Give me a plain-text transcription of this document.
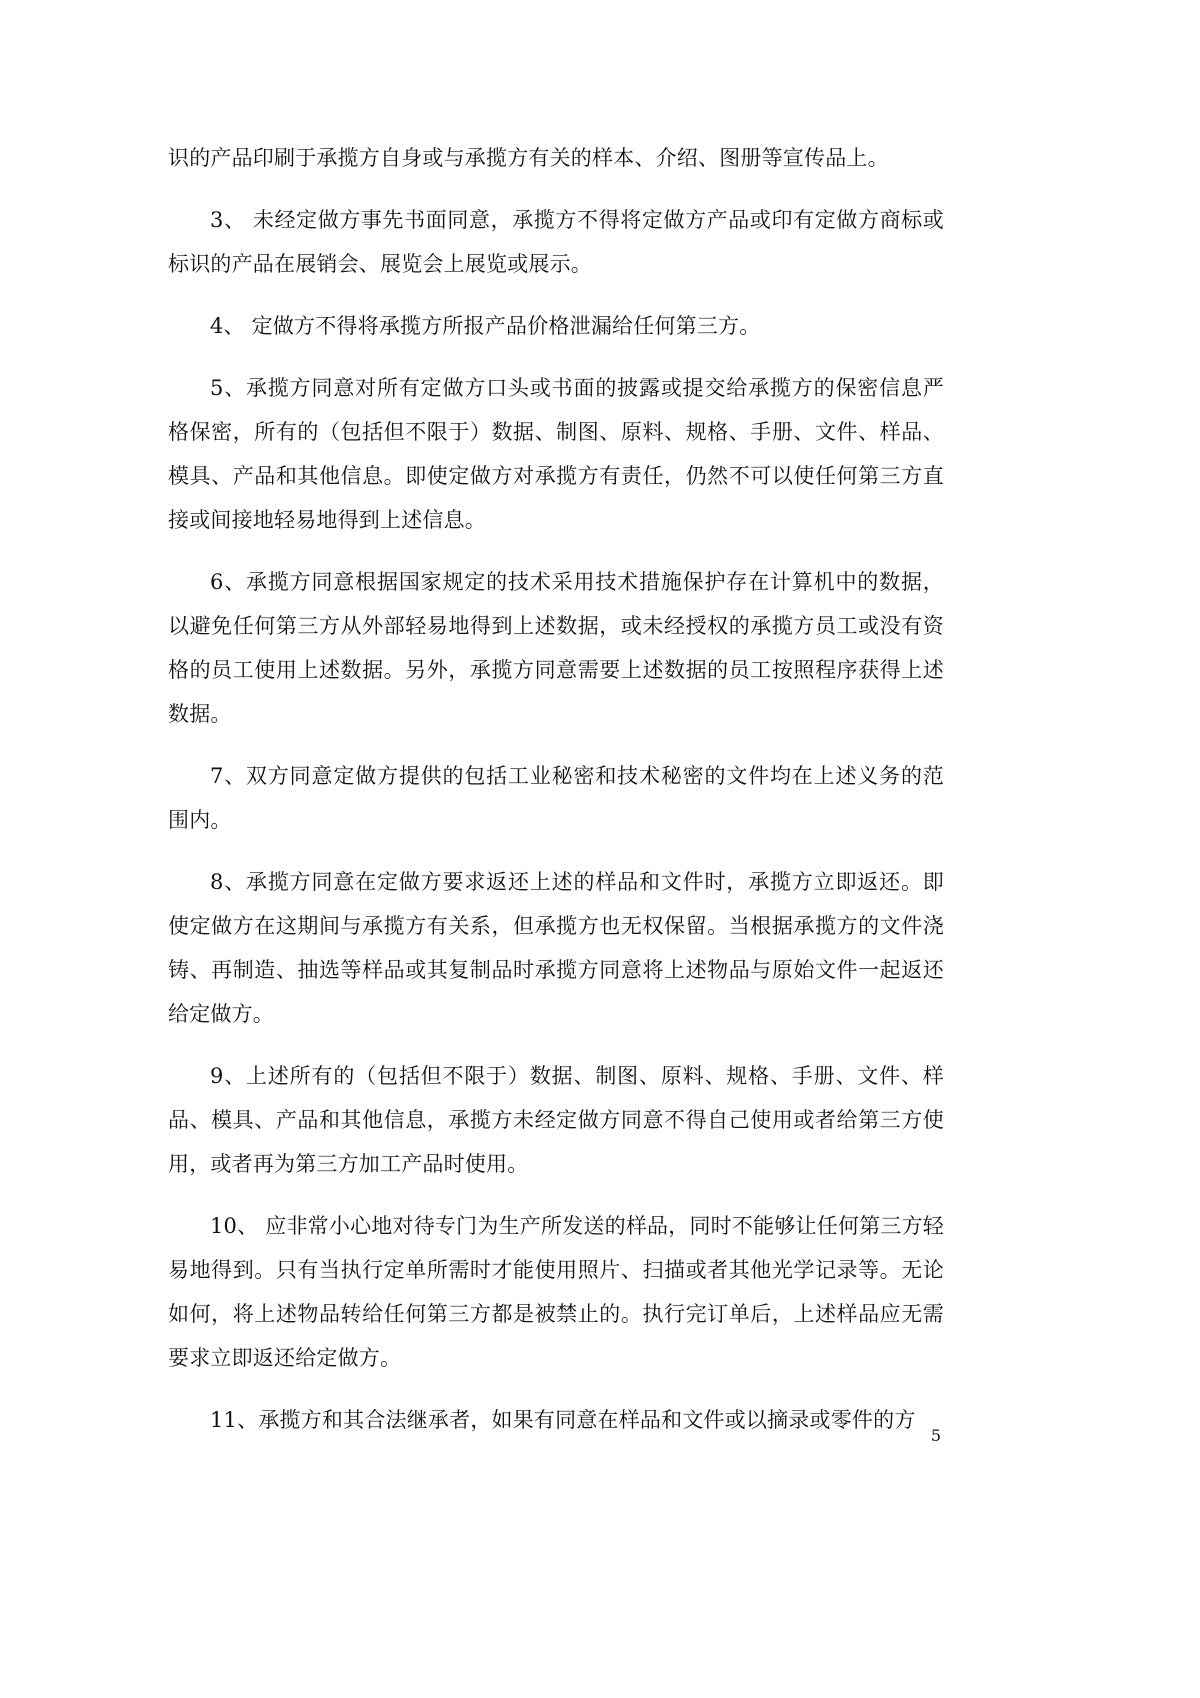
识的产品印刷于承揽方自身或与承揽方有关的样本、介绍、图册等宣传品上。

3、 未经定做方事先书面同意，承揽方不得将定做方产品或印有定做方商标或标识的产品在展销会、展览会上展览或展示。

4、 定做方不得将承揽方所报产品价格泄漏给任何第三方。

5、承揽方同意对所有定做方口头或书面的披露或提交给承揽方的保密信息严格保密，所有的（包括但不限于）数据、制图、原料、规格、手册、文件、样品、模具、产品和其他信息。即使定做方对承揽方有责任，仍然不可以使任何第三方直接或间接地轻易地得到上述信息。

6、承揽方同意根据国家规定的技术采用技术措施保护存在计算机中的数据，以避免任何第三方从外部轻易地得到上述数据，或未经授权的承揽方员工或没有资格的员工使用上述数据。另外，承揽方同意需要上述数据的员工按照程序获得上述数据。

7、双方同意定做方提供的包括工业秘密和技术秘密的文件均在上述义务的范围内。

8、承揽方同意在定做方要求返还上述的样品和文件时，承揽方立即返还。即使定做方在这期间与承揽方有关系，但承揽方也无权保留。当根据承揽方的文件浇铸、再制造、抽选等样品或其复制品时承揽方同意将上述物品与原始文件一起返还给定做方。

9、上述所有的（包括但不限于）数据、制图、原料、规格、手册、文件、样品、模具、产品和其他信息，承揽方未经定做方同意不得自己使用或者给第三方使用，或者再为第三方加工产品时使用。

10、 应非常小心地对待专门为生产所发送的样品，同时不能够让任何第三方轻易地得到。只有当执行定单所需时才能使用照片、扫描或者其他光学记录等。无论如何，将上述物品转给任何第三方都是被禁止的。执行完订单后，上述样品应无需要求立即返还给定做方。

11、承揽方和其合法继承者，如果有同意在样品和文件或以摘录或零件的方

5
